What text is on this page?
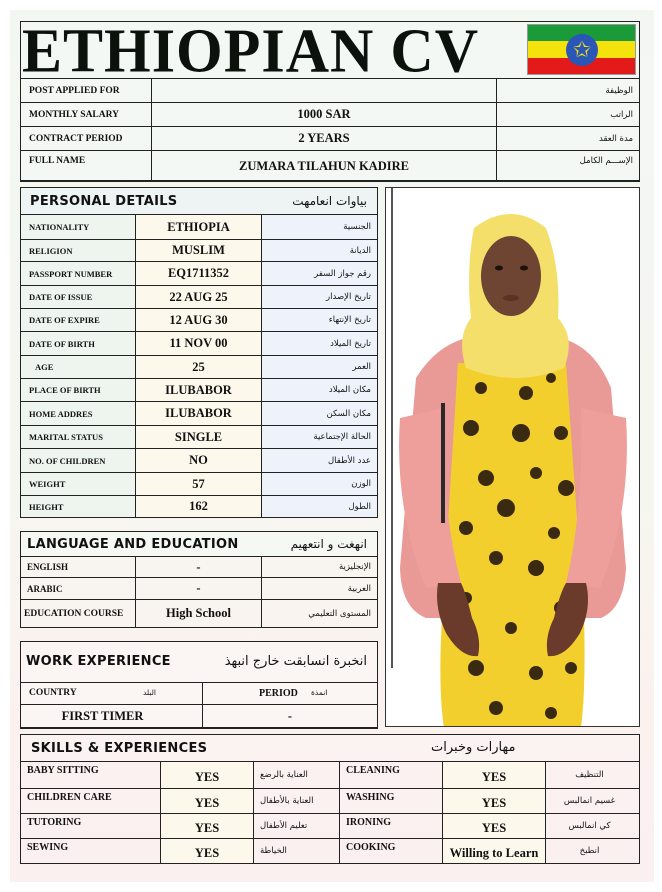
ETHIOPIAN CV	✩
POST APPLIED FOR		الوظيفة
MONTHLY SALARY	1000 SAR	الراتب
CONTRACT PERIOD	2 YEARS	مدة العقد
FULL NAME	ZUMARA TILAHUN KADIRE	الإســـم الكامل
PERSONAL DETAILS	بياوات انعامهت
NATIONALITY	ETHIOPIA	الجنسية
RELIGION	MUSLIM	الديانة
PASSPORT NUMBER	EQ1711352	رقم جواز السفر
DATE OF ISSUE	22 AUG 25	تاريخ الإصدار
DATE OF EXPIRE	12 AUG 30	تاريخ الإنتهاء
DATE OF BIRTH	11 NOV 00	تاريخ الميلاد
AGE	25	العمر
PLACE OF BIRTH	ILUBABOR	مكان الميلاد
HOME ADDRES	ILUBABOR	مكان السكن
MARITAL STATUS	SINGLE	الحالة الإجتماعية
NO. OF CHILDREN	NO	عدد الأطفال
WEIGHT	57	الوزن
HEIGHT	162	الطول
LANGUAGE AND EDUCATION	انهغت و انتعهيم
ENGLISH	-	الإنجليزية
ARABIC	-	العربية
EDUCATION COURSE	High School	المستوى التعليمي
WORK EXPERIENCE	انخبرة انسابقت خارج انبهذ
COUNTRY البلد	PERIOD انمذة

FIRST TIMER	-
SKILLS & EXPERIENCES	مهارات وخبرات
BABY SITTING	YES	العناية بالرضع	CLEANING	YES	التنظيف
CHILDREN CARE	YES	العناية بالأطفال	WASHING	YES	غسيم انمالبس
TUTORING	YES	تعليم الأطفال	IRONING	YES	كي انمالبس
SEWING	YES	الخياطة	COOKING	Willing to Learn	انطبخ
